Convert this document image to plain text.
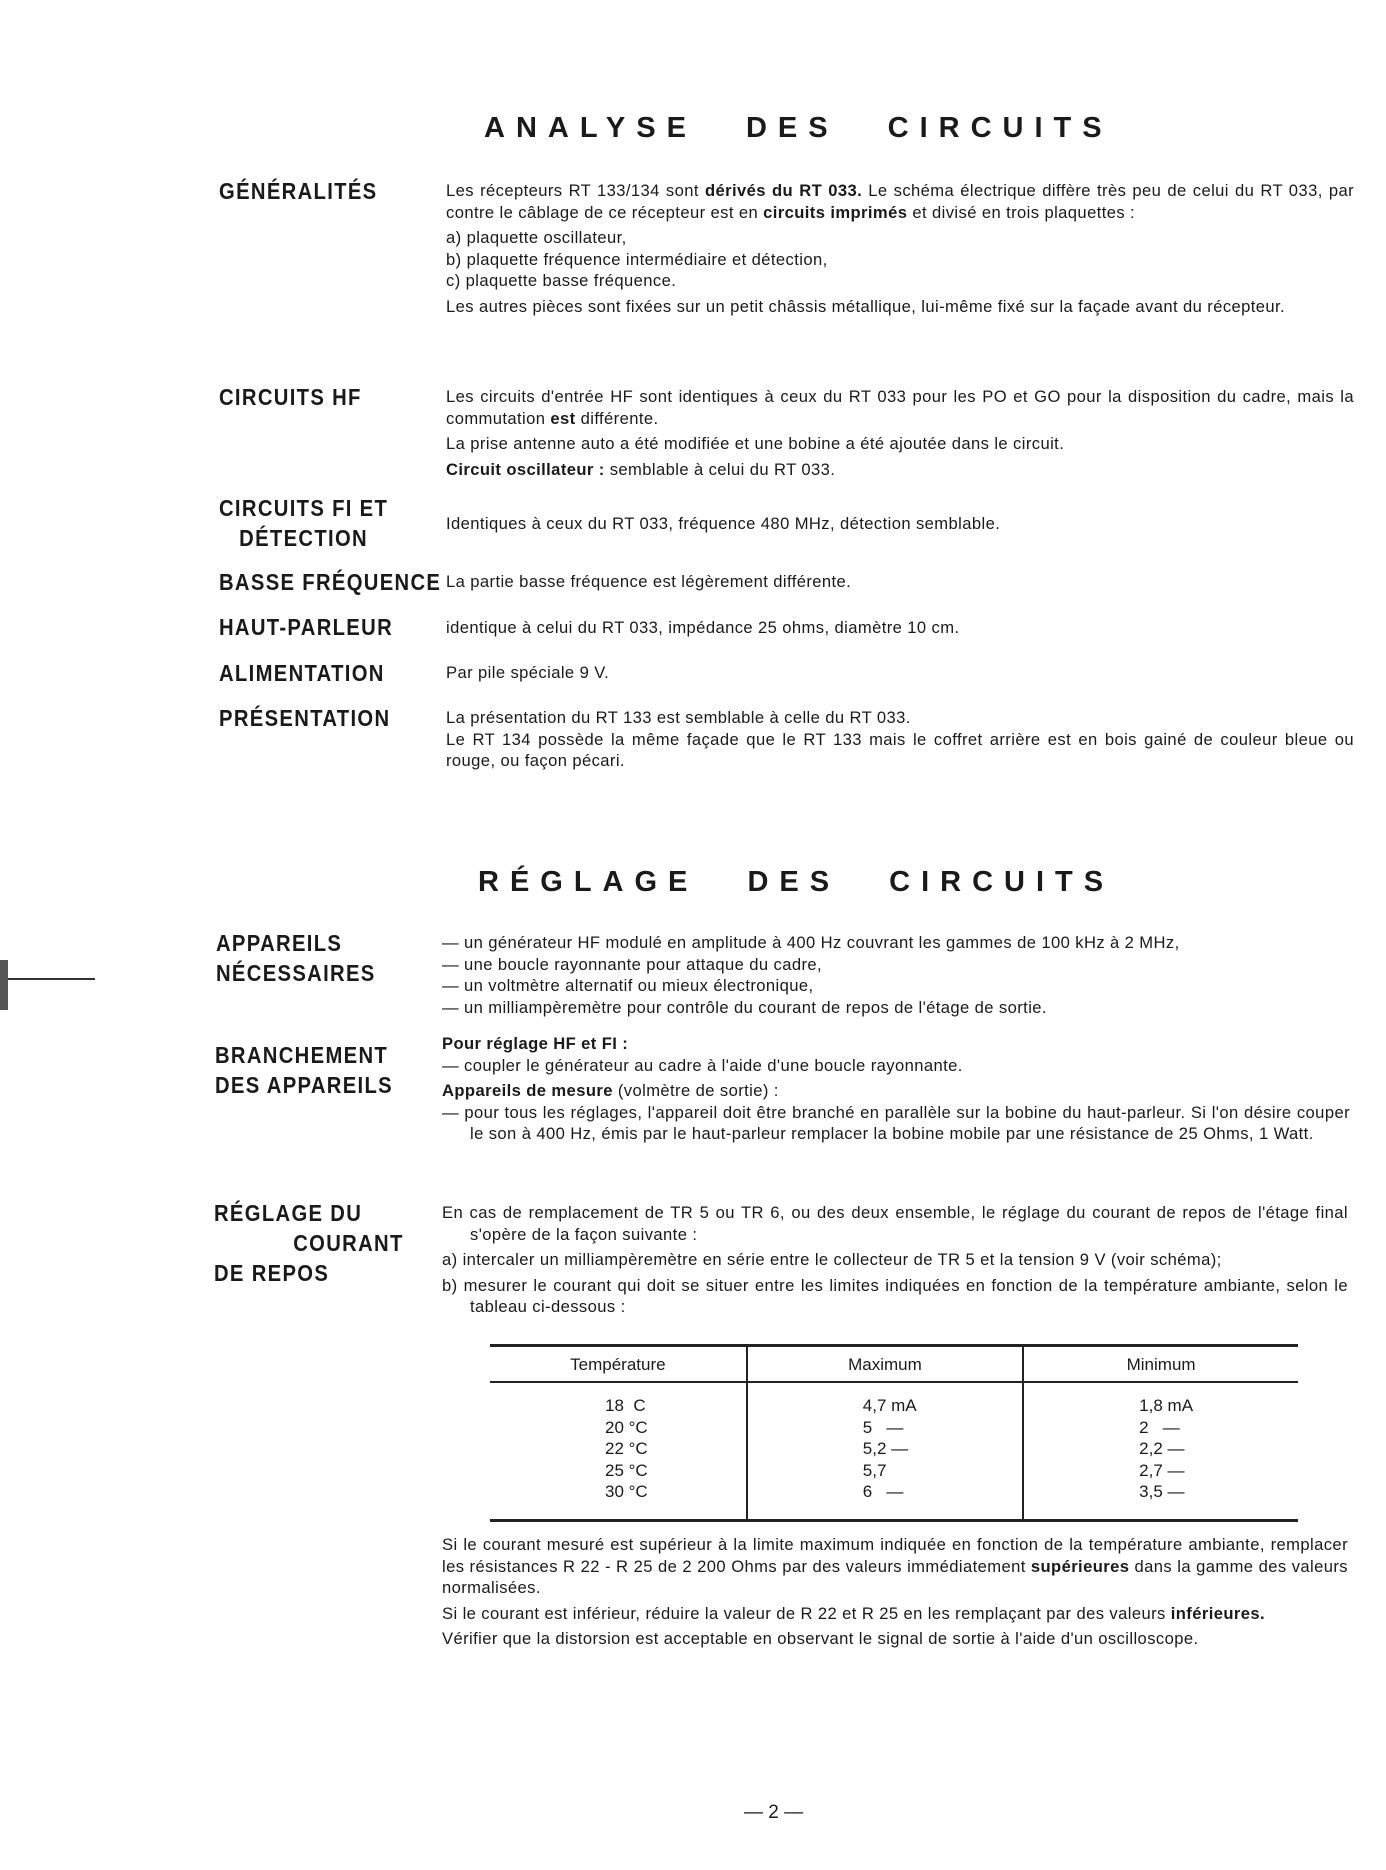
ANALYSE DES CIRCUITS
RÉGLAGE DES CIRCUITS
GÉNÉRALITÉS	Les récepteurs RT 133/134 sont dérivés du RT 033. Le schéma électrique diffère très peu de celui du RT 033, par contre le câblage de ce récepteur est en circuits imprimés et divisé en trois plaquettes :

a) plaquette oscillateur,

b) plaquette fréquence intermédiaire et détection,

c) plaquette basse fréquence.

Les autres pièces sont fixées sur un petit châssis métallique, lui-même fixé sur la façade avant du récepteur.

CIRCUITS HF	Les circuits d'entrée HF sont identiques à ceux du RT 033 pour les PO et GO pour la disposition du cadre, mais la commutation est différente.

La prise antenne auto a été modifiée et une bobine a été ajoutée dans le circuit.

Circuit oscillateur : semblable à celui du RT 033.

CIRCUITS FI ET
DÉTECTION

Identiques à ceux du RT 033, fréquence 480 MHz, détection semblable.

BASSE FRÉQUENCE La partie basse fréquence est légèrement différente.

HAUT-PARLEUR	identique à celui du RT 033, impédance 25 ohms, diamètre 10 cm.

ALIMENTATION	Par pile spéciale 9 V.

PRÉSENTATION	La présentation du RT 133 est semblable à celle du RT 033.

Le RT 134 possède la même façade que le RT 133 mais le coffret arrière est en bois gainé de couleur bleue ou rouge, ou façon pécari.

APPAREILS
NÉCESSAIRES

— un générateur HF modulé en amplitude à 400 Hz couvrant les gammes de 100 kHz à 2 MHz,

— une boucle rayonnante pour attaque du cadre,

— un voltmètre alternatif ou mieux électronique,

— un milliampèremètre pour contrôle du courant de repos de l'étage de sortie.

BRANCHEMENT
DES APPAREILS

Pour réglage HF et FI :

— coupler le générateur au cadre à l'aide d'une boucle rayonnante.

Appareils de mesure (volmètre de sortie) :

— pour tous les réglages, l'appareil doit être branché en parallèle sur la bobine du haut-parleur. Si l'on désire couper le son à 400 Hz, émis par le haut-parleur remplacer la bobine mobile par une résistance de 25 Ohms, 1 Watt.

RÉGLAGE DU
COURANT
DE REPOS

En cas de remplacement de TR 5 ou TR 6, ou des deux ensemble, le réglage du courant de repos de l'étage final s'opère de la façon suivante :

a) intercaler un milliampèremètre en série entre le collecteur de TR 5 et la tension 9 V (voir schéma);

b) mesurer le courant qui doit se situer entre les limites indiquées en fonction de la température ambiante, selon le tableau ci-dessous :

Température	Maximum	Minimum
18  C	4,7 mA	1,8 mA
20 °C	5   —	2   —
22 °C	5,2 —	2,2 —
25 °C	5,7	2,7 —
30 °C	6   —	3,5 —

Si le courant mesuré est supérieur à la limite maximum indiquée en fonction de la température ambiante, remplacer les résistances R 22 - R 25 de 2 200 Ohms par des valeurs immédiatement supérieures dans la gamme des valeurs normalisées.

Si le courant est inférieur, réduire la valeur de R 22 et R 25 en les remplaçant par des valeurs inférieures.

Vérifier que la distorsion est acceptable en observant le signal de sortie à l'aide d'un oscilloscope.

— 2 —
